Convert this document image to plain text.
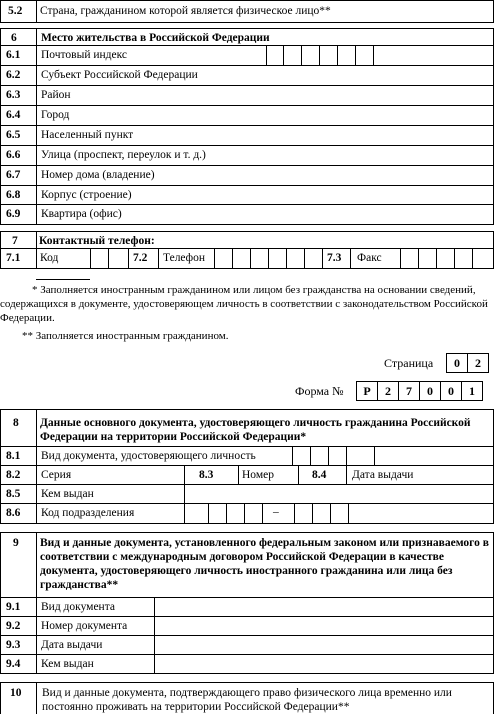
5.2 Страна, гражданином которой является физическое лицо**
6 Место жительства в Российской Федерации
6.1 Почтовый индекс
6.2 Субъект Российской Федерации
6.3 Район
6.4 Город
6.5 Населенный пункт
6.6 Улица (проспект, переулок и т. д.)
6.7 Номер дома (владение)
6.8 Корпус (строение)
6.9 Квартира (офис)
7 Контактный телефон:
7.1 Код	7.2 Телефон	7.3 Факс
* Заполняется иностранным гражданином или лицом без гражданства на основании сведений, содержащихся в документе, удостоверяющем личность в соответствии с законодательством Российской Федерации.
** Заполняется иностранным гражданином.
Страница	0	2
Форма №	Р	2	7	0	0	1
8 Данные основного документа, удостоверяющего личность гражданина Российской Федерации на территории Российской Федерации*
8.1 Вид документа, удостоверяющего личность
8.2 Серия	8.3 Номер	8.4 Дата выдачи
8.5 Кем выдан
8.6 Код подразделения	–
9 Вид и данные документа, установленного федеральным законом или признаваемого в соответствии с международным договором Российской Федерации в качестве документа, удостоверяющего личность иностранного гражданина или лица без гражданства**
9.1 Вид документа
9.2 Номер документа
9.3 Дата выдачи
9.4 Кем выдан
10 Вид и данные документа, подтверждающего право физического лица временно или постоянно проживать на территории Российской Федерации**
